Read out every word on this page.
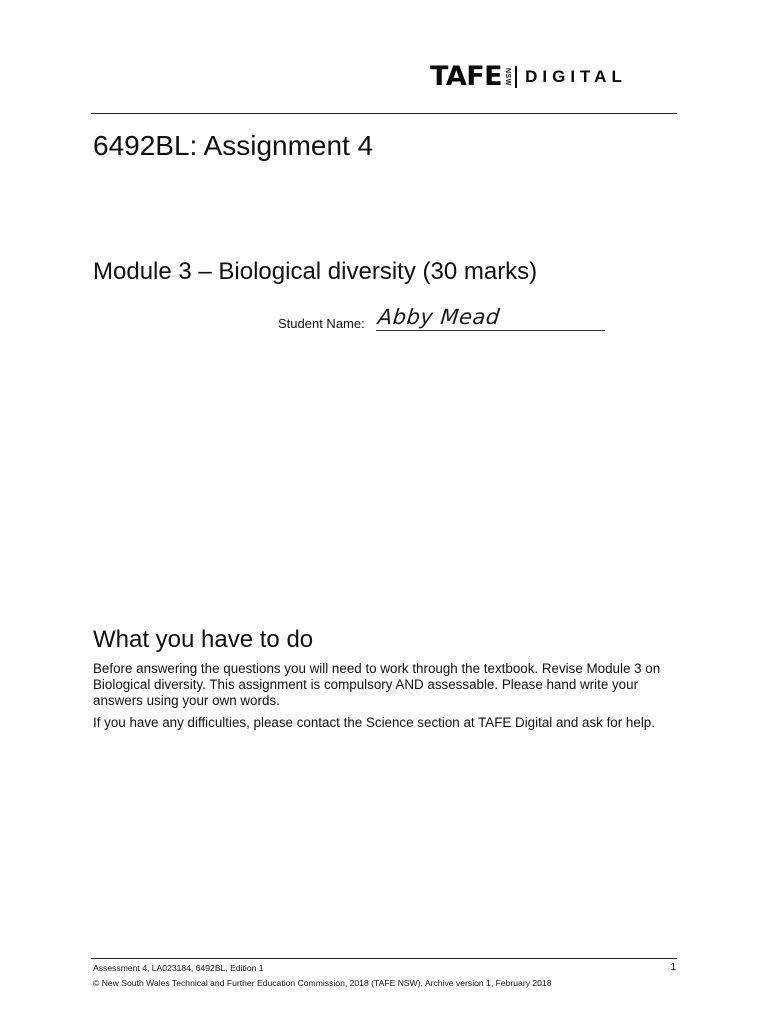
TAFE NSW DIGITAL
6492BL: Assignment 4
Module 3 – Biological diversity (30 marks)
Student Name: Abby Mead
What you have to do

Before answering the questions you will need to work through the textbook. Revise Module 3 on Biological diversity. This assignment is compulsory AND assessable. Please hand write your answers using your own words.

If you have any difficulties, please contact the Science section at TAFE Digital and ask for help.

Assessment 4, LA023184, 6492BL, Edition 1	1
© New South Wales Technical and Further Education Commission, 2018 (TAFE NSW), Archive version 1, February 2018
